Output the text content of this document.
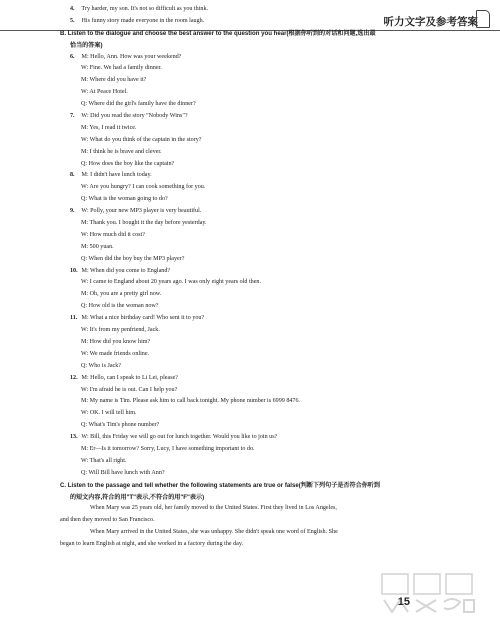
听力文字及参考答案
4. Try harder, my son. It's not so difficult as you think.
5. His funny story made everyone in the room laugh.
B. Listen to the dialogue and choose the best answer to the question you hear(根据你听到的对话和问题,选出最
恰当的答案)
6. M: Hello, Ann. How was your weekend?
W: Fine. We had a family dinner.
M: Where did you have it?
W: At Peace Hotel.
Q: Where did the girl's family have the dinner?
7. W: Did you read the story "Nobody Wins"?
M: Yes, I read it twice.
W: What do you think of the captain in the story?
M: I think he is brave and clever.
Q: How does the boy like the captain?
8. M: I didn't have lunch today.
W: Are you hungry? I can cook something for you.
Q: What is the woman going to do?
9. W: Polly, your new MP3 player is very beautiful.
M: Thank you. I bought it the day before yesterday.
W: How much did it cost?
M: 500 yuan.
Q: When did the boy buy the MP3 player?
10. M: When did you come to England?
W: I came to England about 20 years ago. I was only eight years old then.
M: Oh, you are a pretty girl now.
Q: How old is the woman now?
11. M: What a nice birthday card! Who sent it to you?
W: It's from my penfriend, Jack.
M: How did you know him?
W: We made friends online.
Q: Who is Jack?
12. M: Hello, can I speak to Li Lei, please?
W: I'm afraid he is out. Can I help you?
M: My name is Tim. Please ask him to call back tonight. My phone number is 6999 8476.
W: OK. I will tell him.
Q: What's Tim's phone number?
13. W: Bill, this Friday we will go out for lunch together. Would you like to join us?
M: Er—Is it tomorrow? Sorry, Lucy, I have something important to do.
W: That's all right.
Q: Will Bill have lunch with Ann?
C. Listen to the passage and tell whether the following statements are true or false(判断下列句子是否符合你听到
的短文内容,符合的用"T"表示,不符合的用"F"表示)
When Mary was 25 years old, her family moved to the United States. First they lived in Los Angeles,
and then they moved to San Francisco.
When Mary arrived in the United States, she was unhappy. She didn't speak one word of English. She
began to learn English at night, and she worked in a factory during the day.
15
